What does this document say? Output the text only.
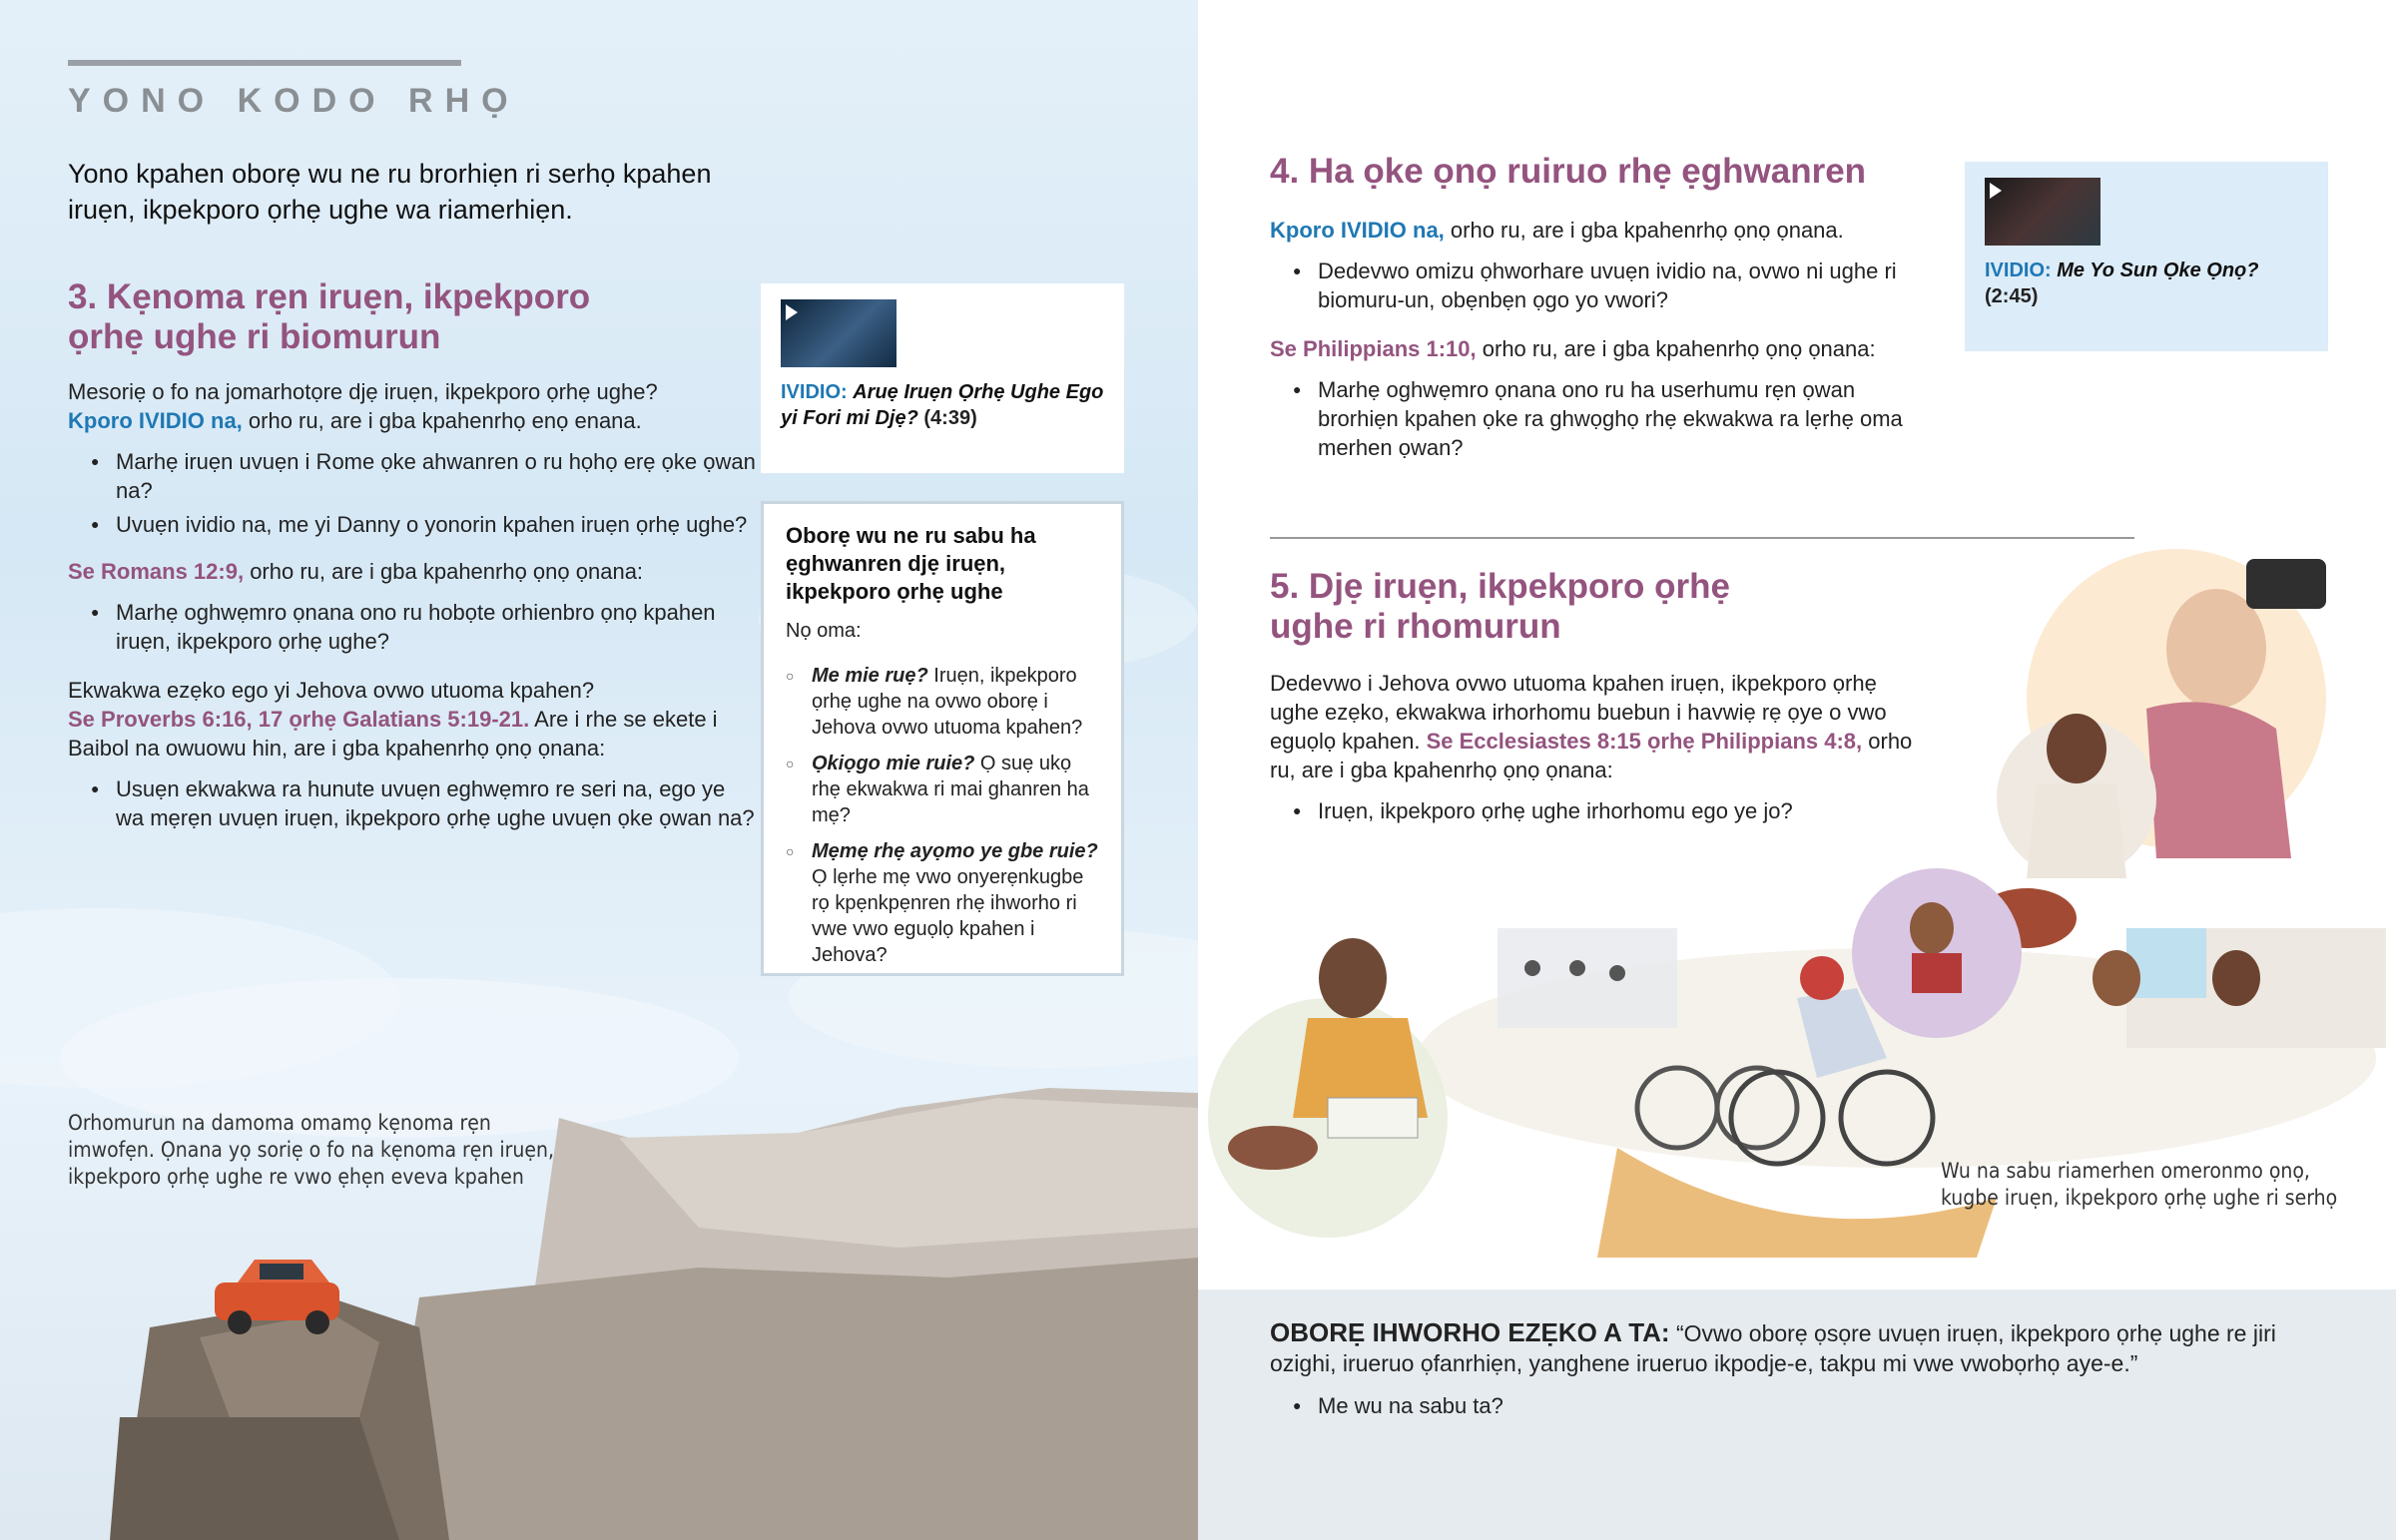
YONO KODO RHỌ
Yono kpahen oborẹ wu ne ru brorhiẹn ri serhọ kpahen iruẹn, ikpekporo ọrhẹ ughe wa riamerhiẹn.
3. Kẹnoma rẹn iruẹn, ikpekporo
ọrhẹ ughe ri biomurun
Mesoriẹ o fo na jomarhotọre djẹ iruẹn, ikpekporo ọrhẹ ughe?
Kporo IVIDIO na, orho ru, are i gba kpahenrhọ enọ enana.
● Marhẹ iruẹn uvuẹn i Rome ọke ahwanren o ru họhọ erẹ ọke ọwan na?
● Uvuẹn ividio na, me yi Danny o yonorin kpahen iruẹn ọrhẹ ughe?
Se Romans 12:9, orho ru, are i gba kpahenrhọ ọnọ ọnana:
● Marhẹ oghwẹmro ọnana ono ru hobọte orhienbro ọnọ kpahen iruẹn, ikpekporo ọrhẹ ughe?
Ekwakwa ezẹko ego yi Jehova ovwo utuoma kpahen?
Se Proverbs 6:16, 17 ọrhẹ Galatians 5:19-21. Are i rhe se ekete i Baibol na owuowu hin, are i gba kpahenrhọ ọnọ ọnana:
● Usuẹn ekwakwa ra hunute uvuẹn eghwẹmro re seri na, ego ye wa mẹrẹn uvuẹn iruẹn, ikpekporo ọrhẹ ughe uvuẹn ọke ọwan na?
IVIDIO: Aruẹ Iruẹn Ọrhẹ Ughe Ego yi Fori mi Djẹ? (4:39)
Oborẹ wu ne ru sabu ha ẹghwanren djẹ iruẹn, ikpekporo ọrhẹ ughe
Nọ oma:
○ Me mie ruẹ? Iruẹn, ikpekporo ọrhẹ ughe na ovwo oborẹ i Jehova ovwo utuoma kpahen?
○ Ọkiọgo mie ruie? Ọ suẹ ukọ rhẹ ekwakwa ri mai ghanren ha mẹ?
○ Mẹmẹ rhẹ ayọmo ye gbe ruie? Ọ lẹrhe mẹ vwo onyerẹnkugbe rọ kpẹnkpẹnren rhẹ ihworho ri vwe vwo eguọlọ kpahen i Jehova?
Orhomurun na damoma omamọ kẹnoma rẹn imwofẹn. Ọnana yọ soriẹ o fo na kẹnoma rẹn iruẹn, ikpekporo ọrhẹ ughe re vwo ẹhẹn eveva kpahen
4. Ha ọke ọnọ ruiruo rhẹ ẹghwanren
Kporo IVIDIO na, orho ru, are i gba kpahenrhọ ọnọ ọnana.
● Dedevwo omizu ọhworhare uvuẹn ividio na, ovwo ni ughe ri biomuru-un, obẹnbẹn ọgo yo vwori?
Se Philippians 1:10, orho ru, are i gba kpahenrhọ ọnọ ọnana:
● Marhẹ oghwẹmro ọnana ono ru ha userhumu rẹn ọwan brorhiẹn kpahen ọke ra ghwọghọ rhẹ ekwakwa ra lẹrhẹ oma merhen ọwan?
IVIDIO: Me Yo Sun Ọke Ọnọ? (2:45)
5. Djẹ iruẹn, ikpekporo ọrhẹ
ughe ri rhomurun
Dedevwo i Jehova ovwo utuoma kpahen iruẹn, ikpekporo ọrhẹ ughe ezẹko, ekwakwa irhorhomu buebun i havwiẹ rẹ ọye o vwo eguọlọ kpahen. Se Ecclesiastes 8:15 ọrhẹ Philippians 4:8, orho ru, are i gba kpahenrhọ ọnọ ọnana:
● Iruẹn, ikpekporo ọrhẹ ughe irhorhomu ego ye jo?
Wu na sabu riamerhen omeronmo ọnọ, kugbe iruẹn, ikpekporo ọrhẹ ughe ri serhọ
OBORẸ IHWORHO EZẸKO A TA: “Ovwo oborẹ ọsọre uvuẹn iruẹn, ikpekporo ọrhẹ ughe re jiri ozighi, irueruo ọfanrhiẹn, yanghene irueruo ikpodje-e, takpu mi vwe vwobọrhọ aye-e.”
● Me wu na sabu ta?
